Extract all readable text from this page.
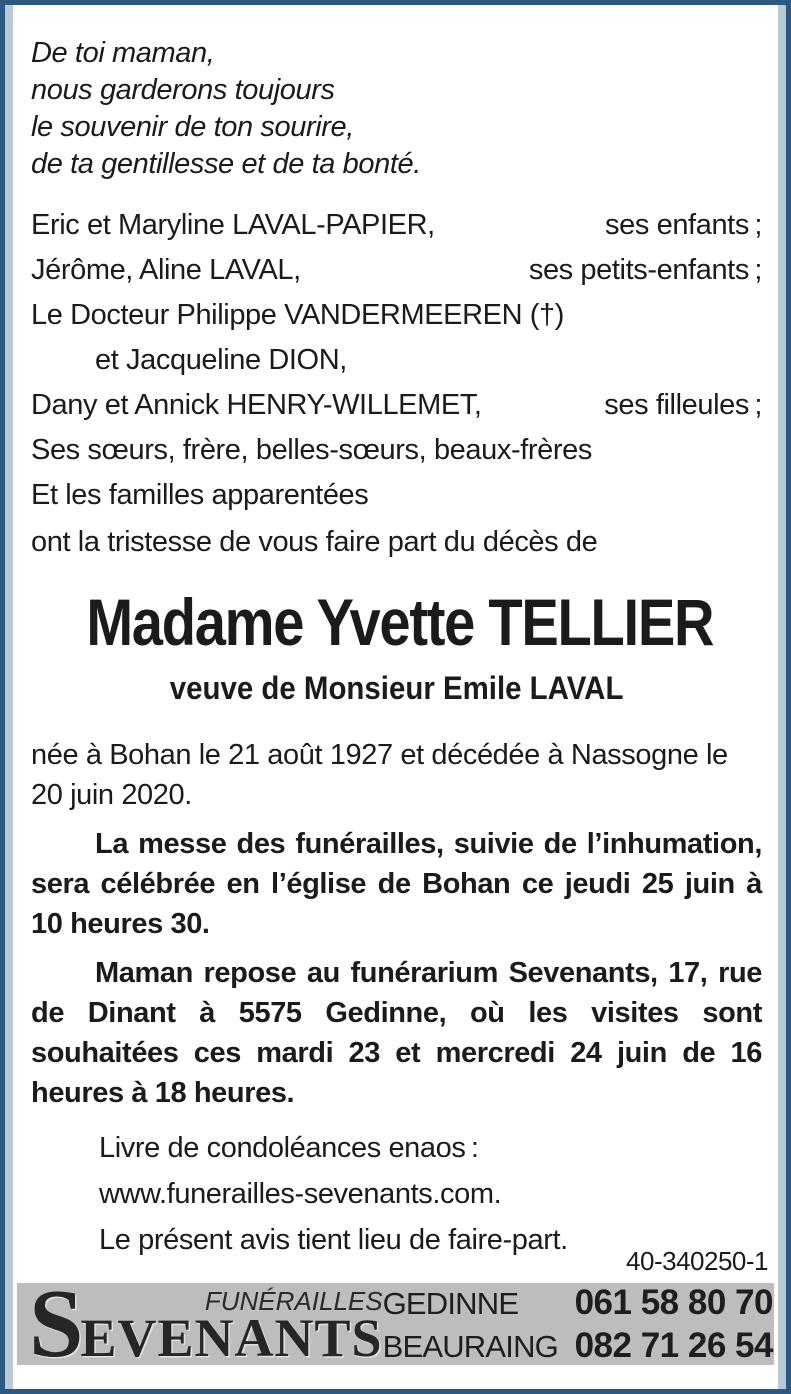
De toi maman,
nous garderons toujours
le souvenir de ton sourire,
de ta gentillesse et de ta bonté.
Eric et Maryline LAVAL-PAPIER,	ses enfants ;
Jérôme, Aline LAVAL,	ses petits-enfants ;
Le Docteur Philippe VANDERMEEREN (†)
et Jacqueline DION,
Dany et Annick HENRY-WILLEMET,	ses filleules ;
Ses sœurs, frère, belles-sœurs, beaux-frères
Et les familles apparentées
ont la tristesse de vous faire part du décès de
Madame Yvette TELLIER
veuve de Monsieur Emile LAVAL
née à Bohan le 21 août 1927 et décédée à Nassogne le 20 juin 2020.
La messe des funérailles, suivie de l’inhumation, sera célébrée en l’église de Bohan ce jeudi 25 juin à 10 heures 30.
Maman repose au funérarium Sevenants, 17, rue de Dinant à 5575 Gedinne, où les visites sont souhaitées ces mardi 23 et mercredi 24 juin de 16 heures à 18 heures.
Livre de condoléances enaos :
www.funerailles-sevenants.com.
Le présent avis tient lieu de faire-part.
40-340250-1
S	FUNÉRAILLES
EVENANTS
GEDINNE	061 58 80 70
BEAURAING 082 71 26 54
